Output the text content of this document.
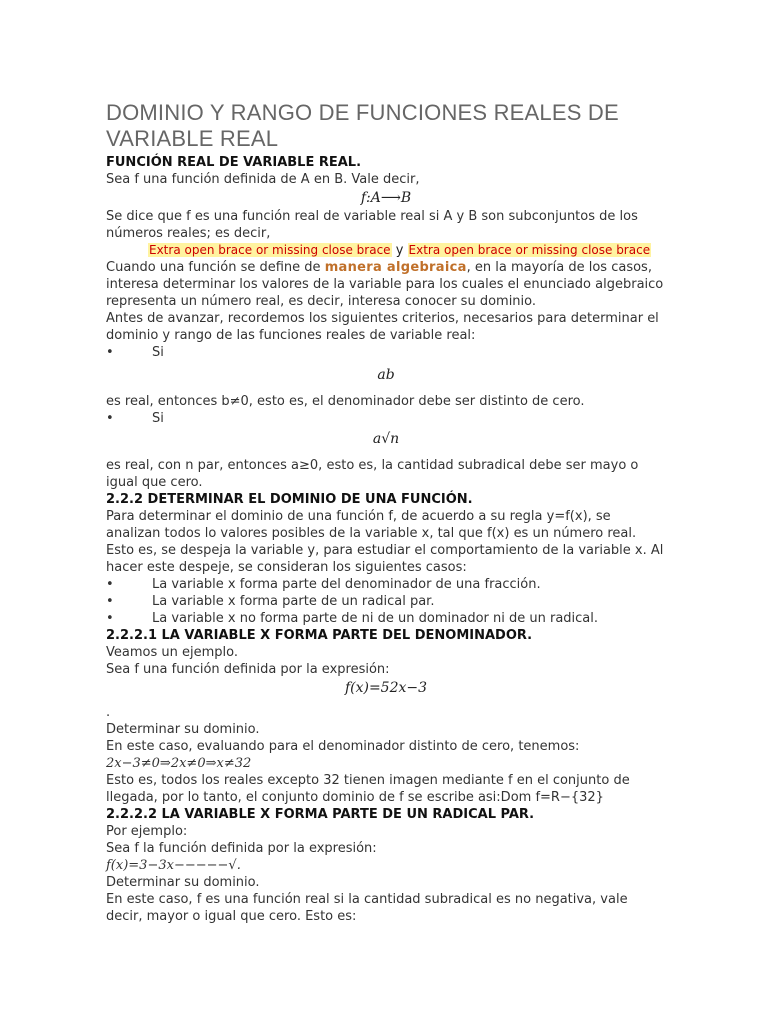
DOMINIO Y RANGO DE FUNCIONES REALES DE VARIABLE REAL
FUNCIÓN REAL DE VARIABLE REAL.
Sea f una función definida de A en B. Vale decir,
f:A⟶B
Se dice que f es una función real de variable real si A y B son subconjuntos de los números reales; es decir,
Extra open brace or missing close brace y Extra open brace or missing close brace
Cuando una función se define de manera algebraica, en la mayoría de los casos, interesa determinar los valores de la variable para los cuales el enunciado algebraico representa un número real, es decir, interesa conocer su dominio.
Antes de avanzar, recordemos los siguientes criterios, necesarios para determinar el dominio y rango de las funciones reales de variable real:
•	Si
ab
es real, entonces b≠0, esto es, el denominador debe ser distinto de cero.
•	Si
a√n
es real, con n par, entonces a≥0, esto es, la cantidad subradical debe ser mayo o igual que cero.
2.2.2 DETERMINAR EL DOMINIO DE UNA FUNCIÓN.
Para determinar el dominio de una función f, de acuerdo a su regla y=f(x), se analizan todos lo valores posibles de la variable x, tal que f(x) es un número real. Esto es, se despeja la variable y, para estudiar el comportamiento de la variable x. Al hacer este despeje, se consideran los siguientes casos:
•	La variable x forma parte del denominador de una fracción.
•	La variable x forma parte de un radical par.
•	La variable x no forma parte de ni de un dominador ni de un radical.
2.2.2.1 LA VARIABLE X FORMA PARTE DEL DENOMINADOR.
Veamos un ejemplo.
Sea f una función definida por la expresión:
f(x)=52x−3
.
Determinar su dominio.
En este caso, evaluando para el denominador distinto de cero, tenemos:
2x−3≠0⇒2x≠0⇒x≠32
Esto es, todos los reales excepto 32 tienen imagen mediante f en el conjunto de llegada, por lo tanto, el conjunto dominio de f se escribe asi:Dom f=R−{32}
2.2.2.2 LA VARIABLE X FORMA PARTE DE UN RADICAL PAR.
Por ejemplo:
Sea f la función definida por la expresión:
f(x)=3−3x−−−−−√.
Determinar su dominio.
En este caso, f es una función real si la cantidad subradical es no negativa, vale decir, mayor o igual que cero. Esto es:
